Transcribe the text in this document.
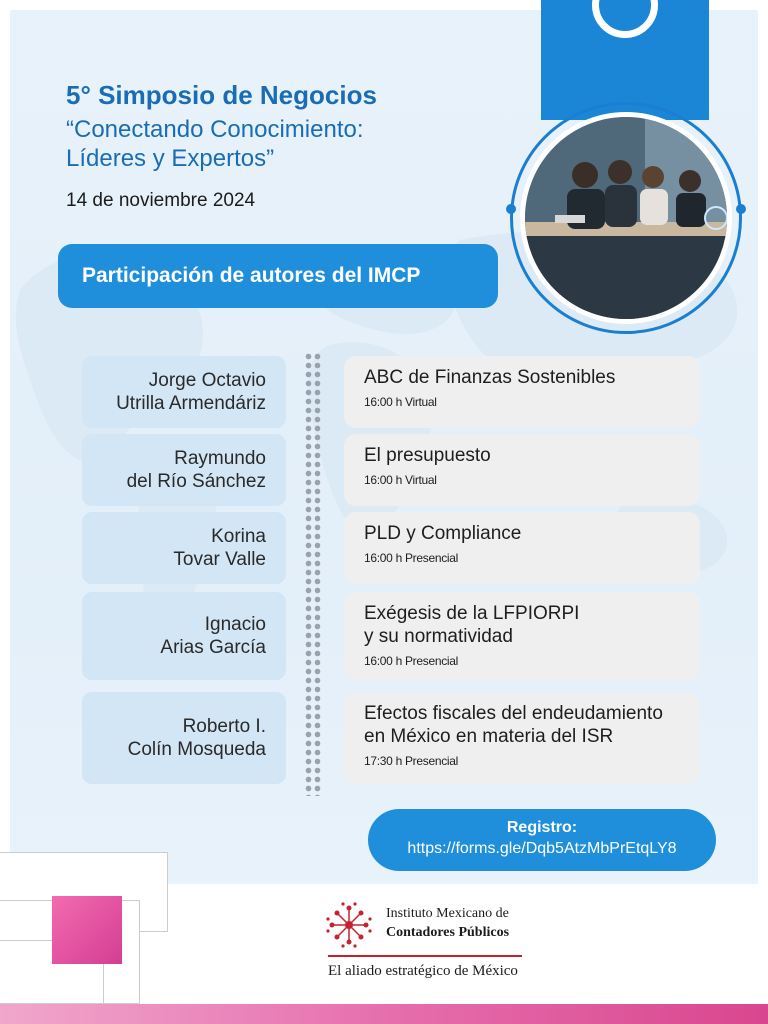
5° Simposio de Negocios
“Conectando Conocimiento: Líderes y Expertos”
14 de noviembre 2024
Participación de autores del IMCP
Jorge Octavio
Utrilla Armendáriz
ABC de Finanzas Sostenibles
16:00 h Virtual
Raymundo
del Río Sánchez
El presupuesto
16:00 h Virtual
Korina
Tovar Valle
PLD y Compliance
16:00 h Presencial
Ignacio
Arias García
Exégesis de la LFPIORPI
y su normatividad
16:00 h Presencial
Roberto I.
Colín Mosqueda
Efectos fiscales del endeudamiento
en México en materia del ISR
17:30 h Presencial
Registro:
https://forms.gle/Dqb5AtzMbPrEtqLY8
Instituto Mexicano de
Contadores Públicos
El aliado estratégico de México
